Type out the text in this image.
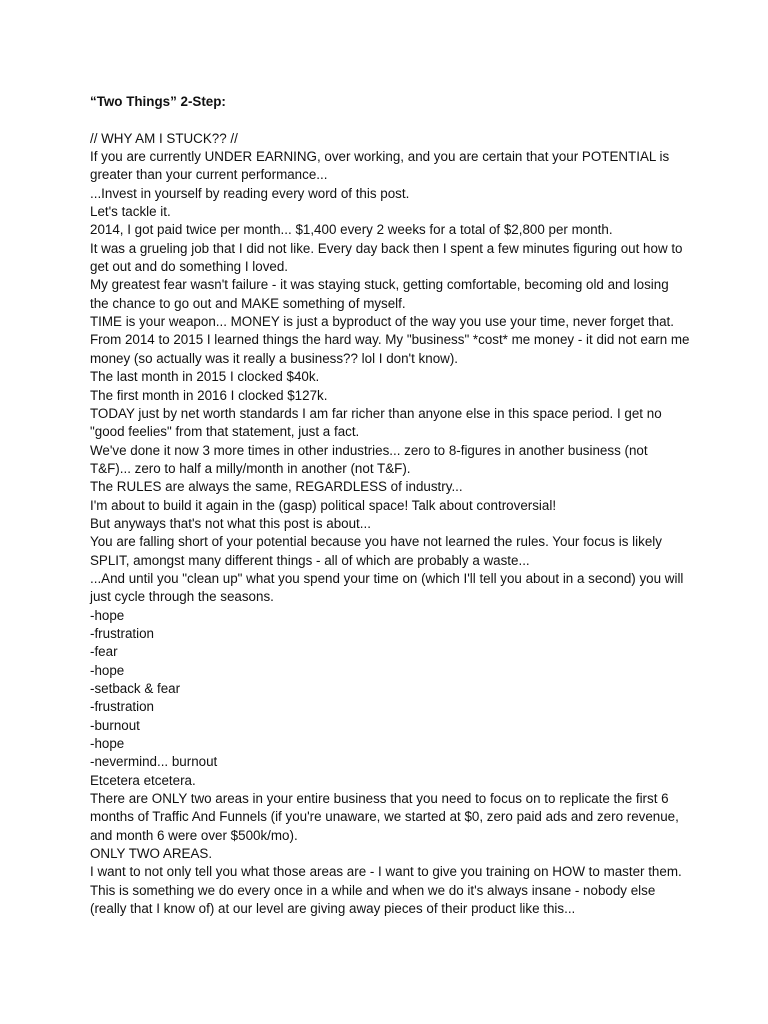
“Two Things” 2-Step:

// WHY AM I STUCK?? //

If you are currently UNDER EARNING, over working, and you are certain that your POTENTIAL is greater than your current performance...

...Invest in yourself by reading every word of this post.

Let's tackle it.

2014, I got paid twice per month... $1,400 every 2 weeks for a total of $2,800 per month.

It was a grueling job that I did not like. Every day back then I spent a few minutes figuring out how to get out and do something I loved.

My greatest fear wasn't failure - it was staying stuck, getting comfortable, becoming old and losing the chance to go out and MAKE something of myself.

TIME is your weapon... MONEY is just a byproduct of the way you use your time, never forget that.

From 2014 to 2015 I learned things the hard way. My "business" *cost* me money - it did not earn me money (so actually was it really a business?? lol I don't know).

The last month in 2015 I clocked $40k.

The first month in 2016 I clocked $127k.

TODAY just by net worth standards I am far richer than anyone else in this space period. I get no "good feelies" from that statement, just a fact.

We've done it now 3 more times in other industries... zero to 8-figures in another business (not T&F)... zero to half a milly/month in another (not T&F).

The RULES are always the same, REGARDLESS of industry...

I'm about to build it again in the (gasp) political space! Talk about controversial!

But anyways that's not what this post is about...

You are falling short of your potential because you have not learned the rules. Your focus is likely SPLIT, amongst many different things - all of which are probably a waste...

...And until you "clean up" what you spend your time on (which I'll tell you about in a second) you will just cycle through the seasons.

-hope

-frustration

-fear

-hope

-setback & fear

-frustration

-burnout

-hope

-nevermind... burnout

Etcetera etcetera.

There are ONLY two areas in your entire business that you need to focus on to replicate the first 6 months of Traffic And Funnels (if you're unaware, we started at $0, zero paid ads and zero revenue, and month 6 were over $500k/mo).

ONLY TWO AREAS.

I want to not only tell you what those areas are - I want to give you training on HOW to master them. This is something we do every once in a while and when we do it's always insane - nobody else (really that I know of) at our level are giving away pieces of their product like this...
